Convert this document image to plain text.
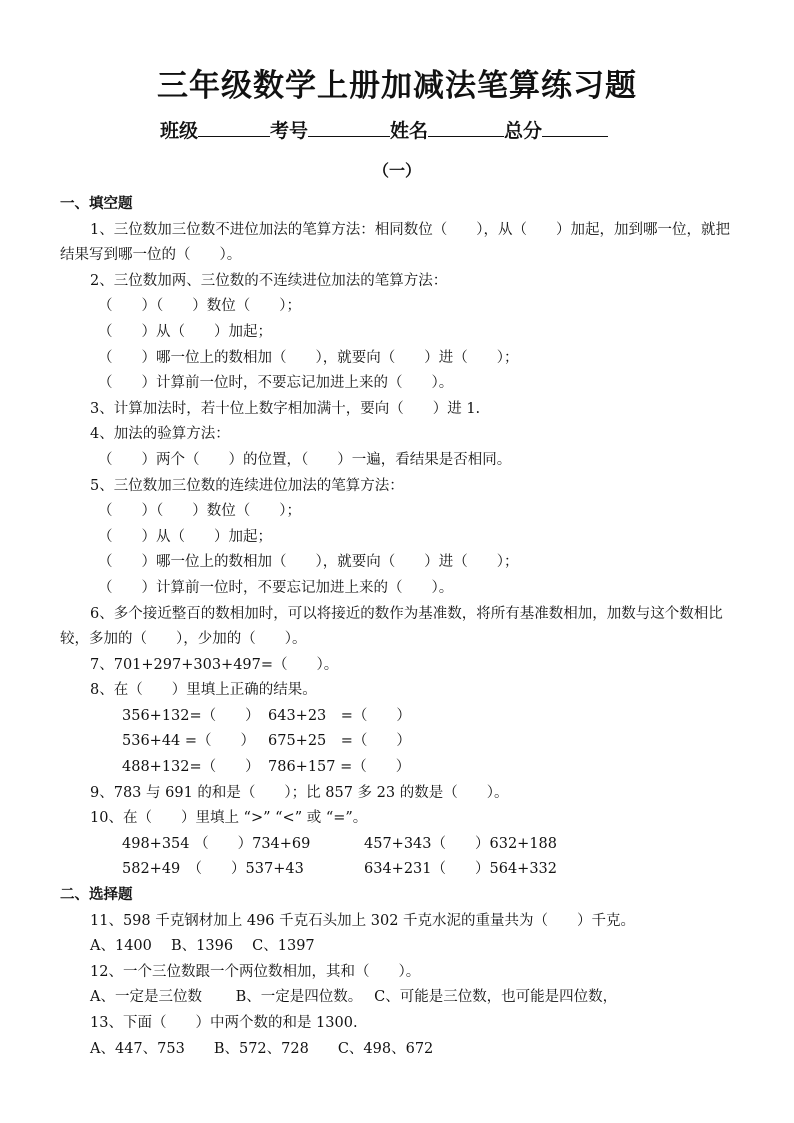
三年级数学上册加减法笔算练习题
班级	考号	姓名	总分
（一）
一、填空题
1、三位数加三位数不进位加法的笔算方法：相同数位（　　），从（　　）加起，加到哪一位，就把结果写到哪一位的（　　）。
2、三位数加两、三位数的不连续进位加法的笔算方法：
（　　）（　　）数位（　　）；
（　　）从（　　）加起；
（　　）哪一位上的数相加（　　），就要向（　　）进（　　）；
（　　）计算前一位时，不要忘记加进上来的（　　）。
3、计算加法时，若十位上数字相加满十，要向（　　）进 1.
4、加法的验算方法：
（　　）两个（　　）的位置，（　　）一遍，看结果是否相同。
5、三位数加三位数的连续进位加法的笔算方法：
（　　）（　　）数位（　　）；
（　　）从（　　）加起；
（　　）哪一位上的数相加（　　），就要向（　　）进（　　）；
（　　）计算前一位时，不要忘记加进上来的（　　）。
6、多个接近整百的数相加时，可以将接近的数作为基准数，将所有基准数相加，加数与这个数相比较，多加的（　　），少加的（　　）。
7、701+297+303+497=（　　）。
8、在（　　）里填上正确的结果。
356+132=（　　） 643+23　=（　　）
536+44 =（　　） 675+25　=（　　）
488+132=（　　） 786+157 =（　　）
9、783 与 691 的和是（　　）；比 857 多 23 的数是（　　）。
10、在（　　）里填上 “>” “<” 或 “=”。
498+354 （　　）734+69	457+343（　　）632+188
582+49　（　　）537+43	634+231（　　）564+332
二、选择题
11、598 千克钢材加上 496 千克石头加上 302 千克水泥的重量共为（　　）千克。
A、1400　 B、1396　 C、1397
12、一个三位数跟一个两位数相加，其和（　　）。
A、一定是三位数　　 B、一定是四位数。　 C、可能是三位数，也可能是四位数，
13、下面（　　）中两个数的和是 1300.
A、447、753　　B、572、728　　C、498、672
